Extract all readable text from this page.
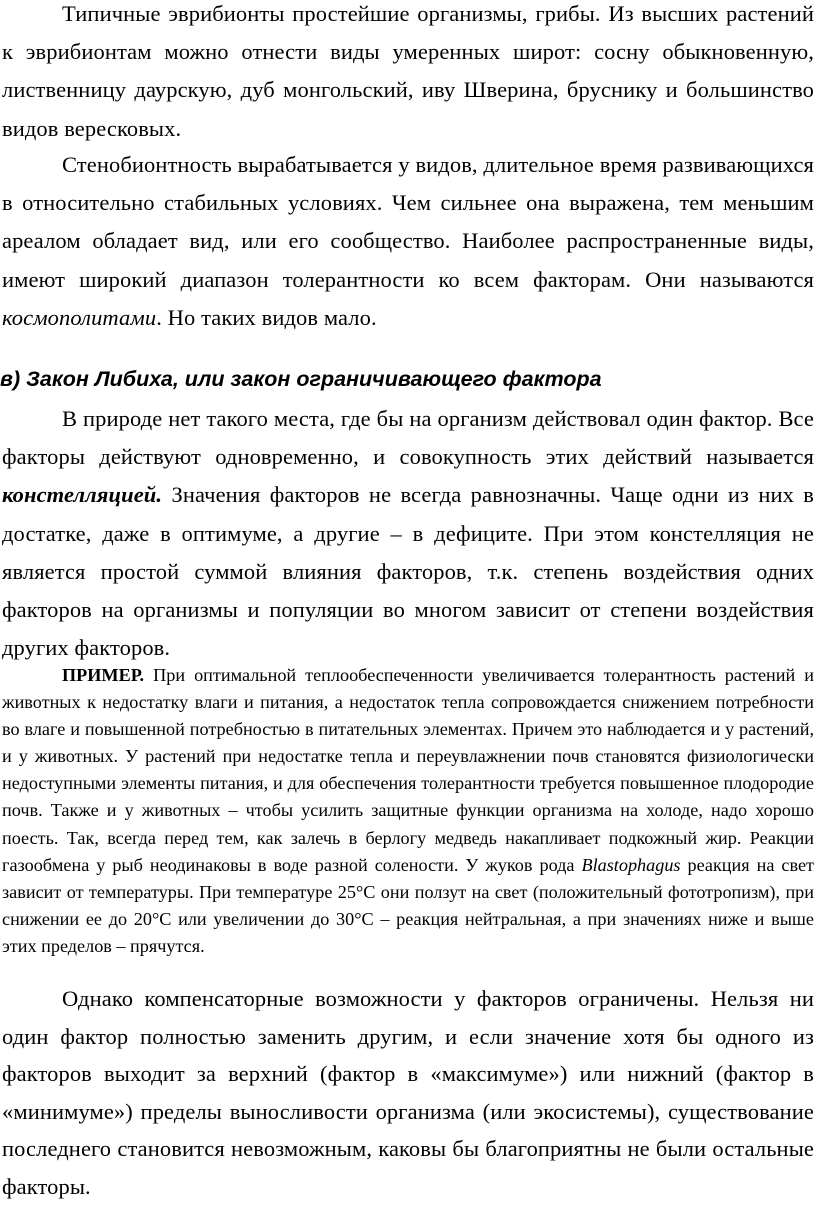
Типичные эврибионты простейшие организмы, грибы. Из высших растений к эврибионтам можно отнести виды умеренных широт: сосну обыкновенную, лиственницу даурскую, дуб монгольский, иву Шверина, бруснику и большинство видов вересковых.

Стенобионтность вырабатывается у видов, длительное время развивающихся в относительно стабильных условиях. Чем сильнее она выражена, тем меньшим ареалом обладает вид, или его сообщество. Наиболее распространенные виды, имеют широкий диапазон толерантности ко всем факторам. Они называются космополитами. Но таких видов мало.

в) Закон Либиха, или закон ограничивающего фактора

В природе нет такого места, где бы на организм действовал один фактор. Все факторы действуют одновременно, и совокупность этих действий называется констелляцией. Значения факторов не всегда равнозначны. Чаще одни из них в достатке, даже в оптимуме, а другие – в дефиците. При этом констелляция не является простой суммой влияния факторов, т.к. степень воздействия одних факторов на организмы и популяции во многом зависит от степени воздействия других факторов.

ПРИМЕР. При оптимальной теплообеспеченности увеличивается толерантность растений и животных к недостатку влаги и питания, а недостаток тепла сопровождается снижением потребности во влаге и повышенной потребностью в питательных элементах. Причем это наблюдается и у растений, и у животных. У растений при недостатке тепла и переувлажнении почв становятся физиологически недоступными элементы питания, и для обеспечения толерантности требуется повышенное плодородие почв. Также и у животных – чтобы усилить защитные функции организма на холоде, надо хорошо поесть. Так, всегда перед тем, как залечь в берлогу медведь накапливает подкожный жир. Реакции газообмена у рыб неодинаковы в воде разной солености. У жуков рода Blastophagus реакция на свет зависит от температуры. При температуре 25°С они ползут на свет (положительный фототропизм), при снижении ее до 20°С или увеличении до 30°С – реакция нейтральная, а при значениях ниже и выше этих пределов – прячутся.

Однако компенсаторные возможности у факторов ограничены. Нельзя ни один фактор полностью заменить другим, и если значение хотя бы одного из факторов выходит за верхний (фактор в «максимуме») или нижний (фактор в «минимуме») пределы выносливости организма (или экосистемы), существование последнего становится невозможным, каковы бы благоприятны не были остальные факторы.
